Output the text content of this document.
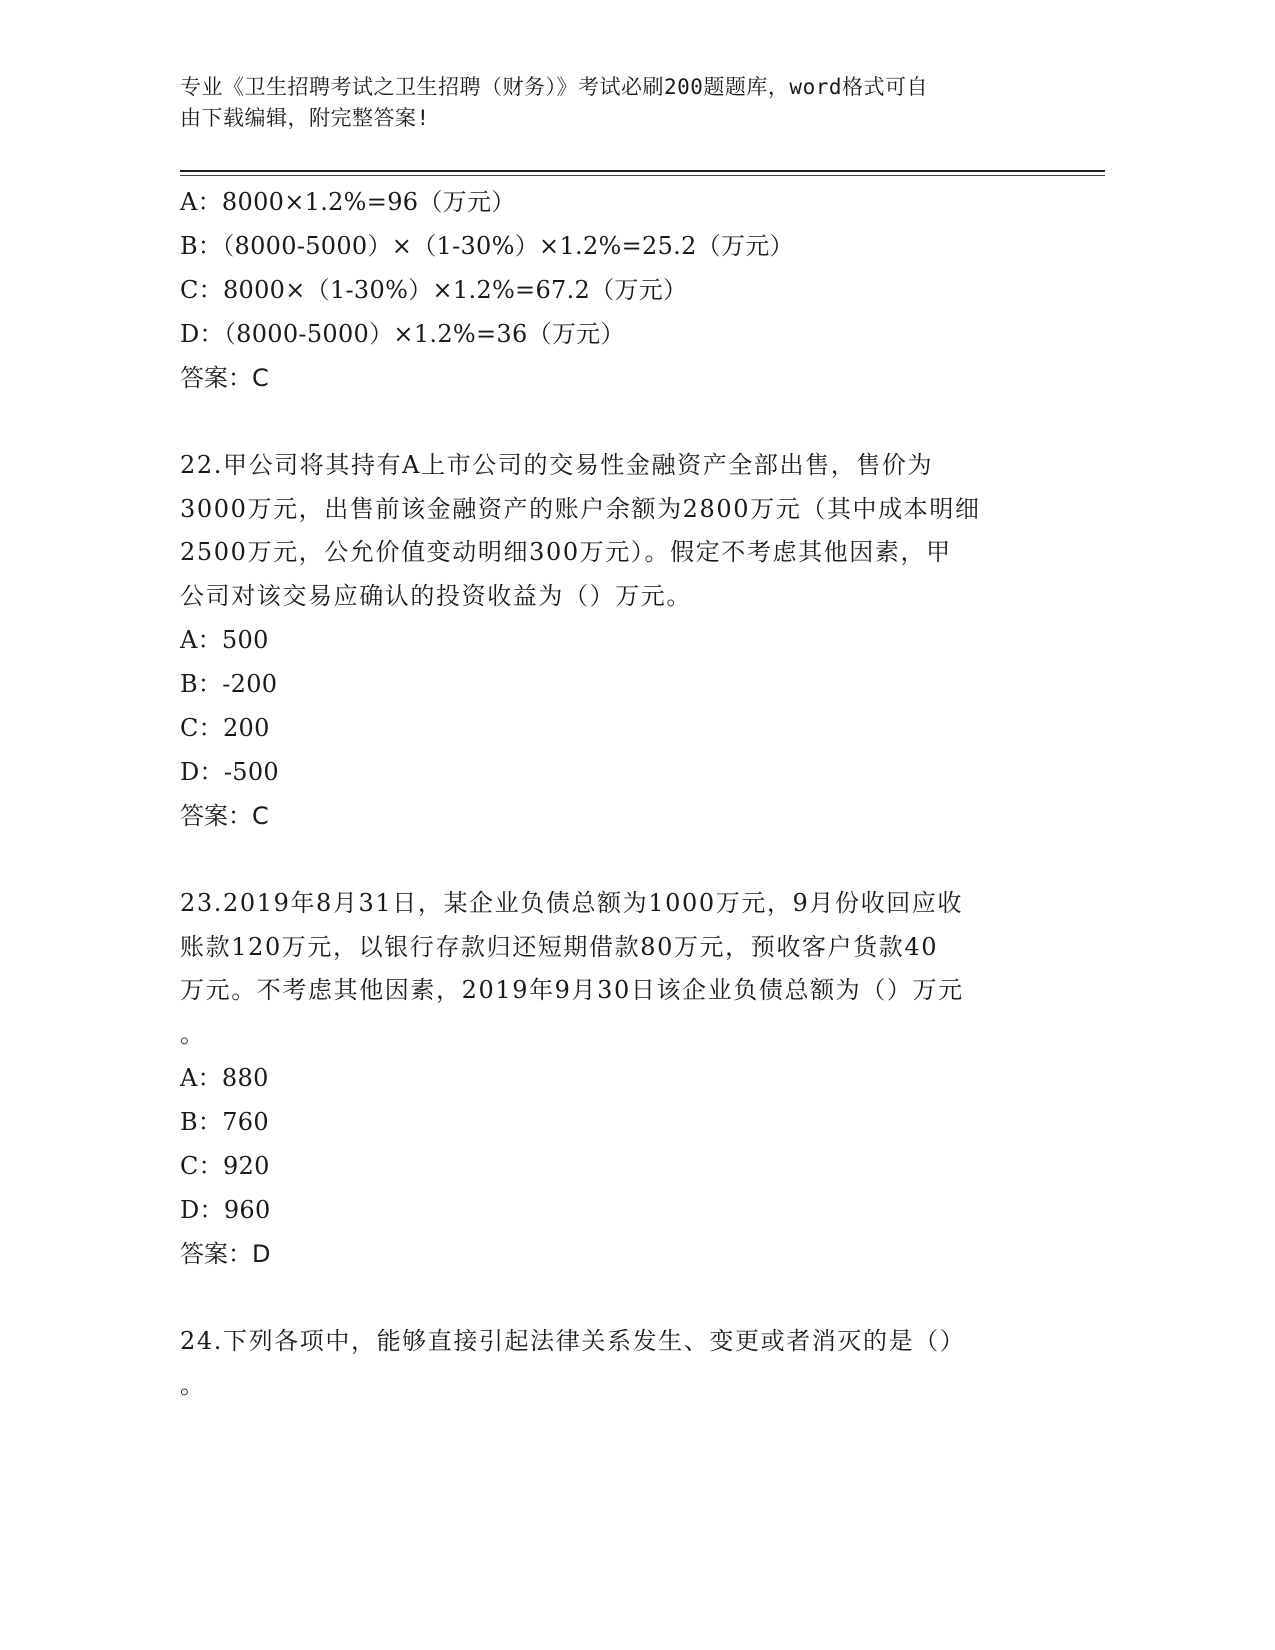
专业《卫生招聘考试之卫生招聘（财务）》考试必刷200题题库，word格式可自
由下载编辑，附完整答案!
A：8000×1.2%=96（万元）
B：（8000-5000）×（1-30%）×1.2%=25.2（万元）
C：8000×（1-30%）×1.2%=67.2（万元）
D：（8000-5000）×1.2%=36（万元）
答案：C
22.甲公司将其持有A上市公司的交易性金融资产全部出售，售价为
3000万元，出售前该金融资产的账户余额为2800万元（其中成本明细
2500万元，公允价值变动明细300万元）。假定不考虑其他因素，甲
公司对该交易应确认的投资收益为（）万元。
A：500
B：-200
C：200
D：-500
答案：C
23.2019年8月31日，某企业负债总额为1000万元，9月份收回应收
账款120万元，以银行存款归还短期借款80万元，预收客户货款40
万元。不考虑其他因素，2019年9月30日该企业负债总额为（）万元
。
A：880
B：760
C：920
D：960
答案：D
24.下列各项中，能够直接引起法律关系发生、变更或者消灭的是（）
。
